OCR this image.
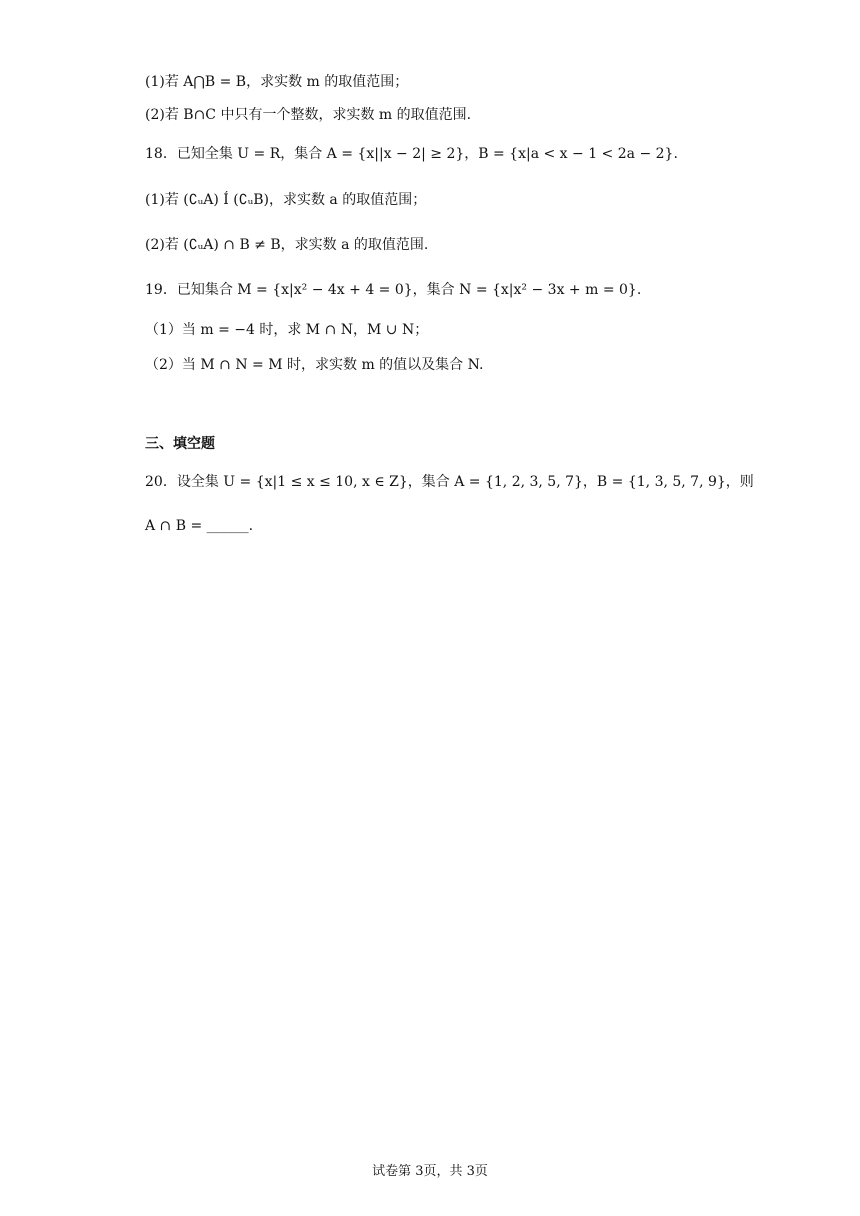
(1)若 A⋂B = B，求实数 m 的取值范围；
(2)若 B∩C 中只有一个整数，求实数 m 的取值范围.
18．已知全集 U = R，集合 A = {x||x − 2| ≥ 2}，B = {x|a < x − 1 < 2a − 2}.
(1)若 (∁ᵤA) Í (∁ᵤB)，求实数 a 的取值范围；
(2)若 (∁ᵤA) ∩ B ≠ B，求实数 a 的取值范围.
19．已知集合 M = {x|x² − 4x + 4 = 0}，集合 N = {x|x² − 3x + m = 0}.
（1）当 m = −4 时，求 M ∩ N，M ∪ N；
（2）当 M ∩ N = M 时，求实数 m 的值以及集合 N.
三、填空题
20．设全集 U = {x|1 ≤ x ≤ 10, x ∈ Z}，集合 A = {1, 2, 3, 5, 7}，B = {1, 3, 5, 7, 9}，则
A ∩ B = ______.
试卷第 3页，共 3页
